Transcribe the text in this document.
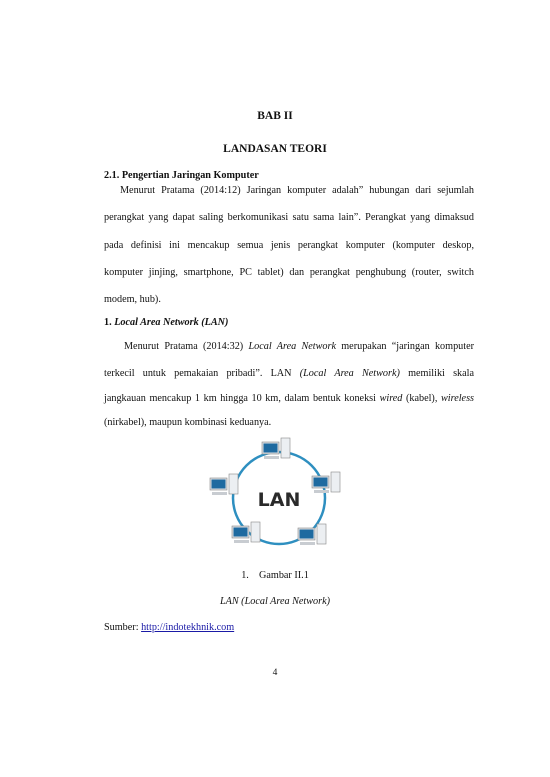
BAB II
LANDASAN TEORI
2.1. Pengertian Jaringan Komputer
Menurut Pratama (2014:12) Jaringan komputer adalah” hubungan dari sejumlah
perangkat yang dapat saling berkomunikasi satu sama lain”. Perangkat yang dimaksud
pada definisi ini mencakup semua jenis perangkat komputer (komputer deskop,
komputer jinjing, smartphone, PC tablet) dan perangkat penghubung (router, switch
modem, hub).
1. Local Area Network (LAN)
Menurut Pratama (2014:32) Local Area Network merupakan “jaringan komputer
terkecil untuk pemakaian pribadi”. LAN (Local Area Network) memiliki skala
jangkauan mencakup 1 km hingga 10 km, dalam bentuk koneksi wired (kabel), wireless
(nirkabel), maupun kombinasi keduanya.
LAN
1. Gambar II.1
LAN (Local Area Network)
Sumber: http://indotekhnik.com
4
